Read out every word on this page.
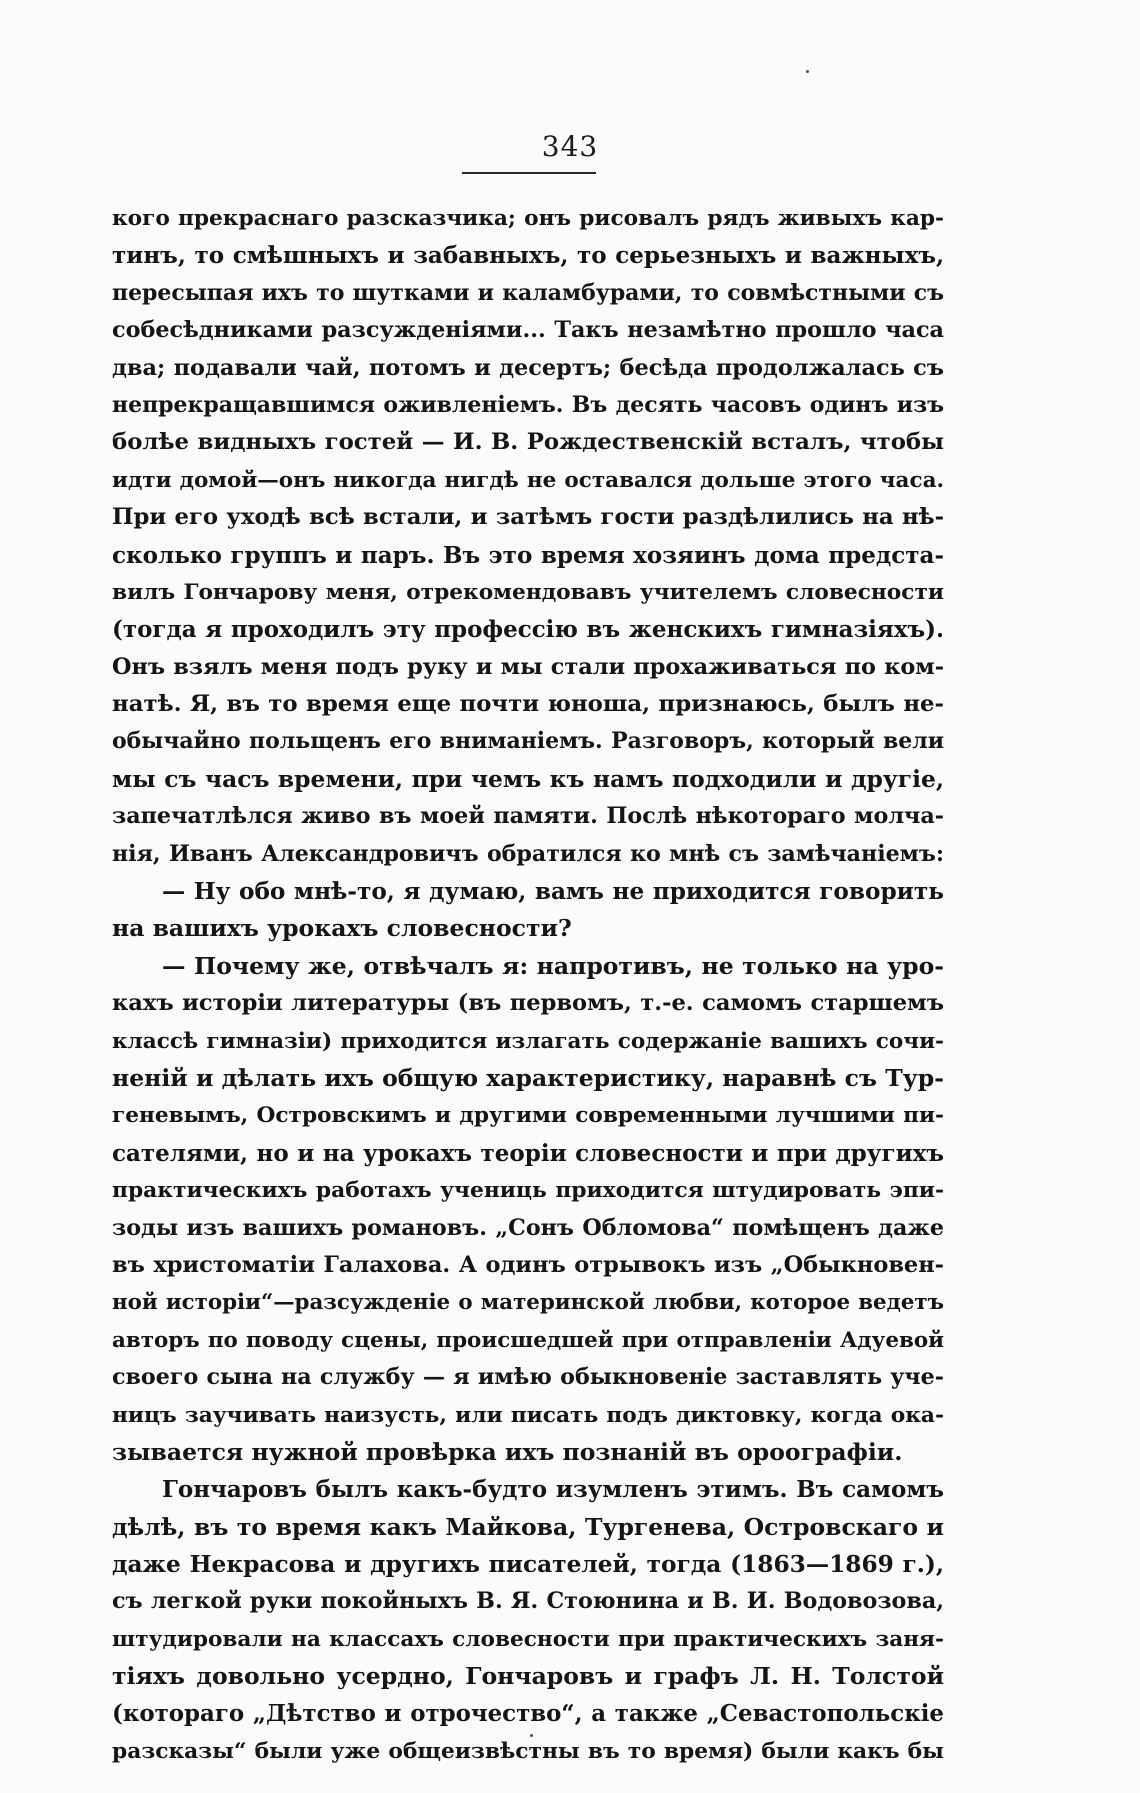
343
кого прекраснаго разсказчика; онъ рисовалъ рядъ живыхъ кар-
тинъ, то смѣшныхъ и забавныхъ, то серьезныхъ и важныхъ,
пересыпая ихъ то шутками и каламбурами, то совмѣстными съ
собесѣдниками разсужденіями... Такъ незамѣтно прошло часа
два; подавали чай, потомъ и десертъ; бесѣда продолжалась съ
непрекращавшимся оживленіемъ. Въ десять часовъ одинъ изъ
болѣе видныхъ гостей — И. В. Рождественскій всталъ, чтобы
идти домой—онъ никогда нигдѣ не оставался дольше этого часа.
При его уходѣ всѣ встали, и затѣмъ гости раздѣлились на нѣ-
сколько группъ и паръ. Въ это время хозяинъ дома предста-
вилъ Гончарову меня, отрекомендовавъ учителемъ словесности
(тогда я проходилъ эту профессію въ женскихъ гимназіяхъ).
Онъ взялъ меня подъ руку и мы стали прохаживаться по ком-
натѣ. Я, въ то время еще почти юноша, признаюсь, былъ не-
обычайно польщенъ его вниманіемъ. Разговоръ, который вели
мы съ часъ времени, при чемъ къ намъ подходили и другіе,
запечатлѣлся живо въ моей памяти. Послѣ нѣкотораго молча-
нія, Иванъ Александровичъ обратился ко мнѣ съ замѣчаніемъ:
— Ну обо мнѣ-то, я думаю, вамъ не приходится говорить
на вашихъ урокахъ словесности?
— Почему же, отвѣчалъ я: напротивъ, не только на уро-
кахъ исторіи литературы (въ первомъ, т.-е. самомъ старшемъ
классѣ гимназіи) приходится излагать содержаніе вашихъ сочи-
неній и дѣлать ихъ общую характеристику, наравнѣ съ Тур-
геневымъ, Островскимъ и другими современными лучшими пи-
сателями, но и на урокахъ теоріи словесности и при другихъ
практическихъ работахъ учениць приходится штудировать эпи-
зоды изъ вашихъ романовъ. „Сонъ Обломова“ помѣщенъ даже
въ христоматіи Галахова. А одинъ отрывокъ изъ „Обыкновен-
ной исторіи“—разсужденіе о материнской любви, которое ведетъ
авторъ по поводу сцены, происшедшей при отправленіи Адуевой
своего сына на службу — я имѣю обыкновеніе заставлять уче-
ницъ заучивать наизусть, или писать подъ диктовку, когда ока-
зывается нужной провѣрка ихъ познаній въ ороографіи.
Гончаровъ былъ какъ-будто изумленъ этимъ. Въ самомъ
дѣлѣ, въ то время какъ Майкова, Тургенева, Островскаго и
даже Некрасова и другихъ писателей, тогда (1863—1869 г.),
съ легкой руки покойныхъ В. Я. Стоюнина и В. И. Водовозова,
штудировали на классахъ словесности при практическихъ заня-
тіяхъ довольно усердно, Гончаровъ и графъ Л. Н. Толстой
(котораго „Дѣтство и отрочество“, а также „Севастопольскіе
разсказы“ были уже общеизвѣстны въ то время) были какъ бы
